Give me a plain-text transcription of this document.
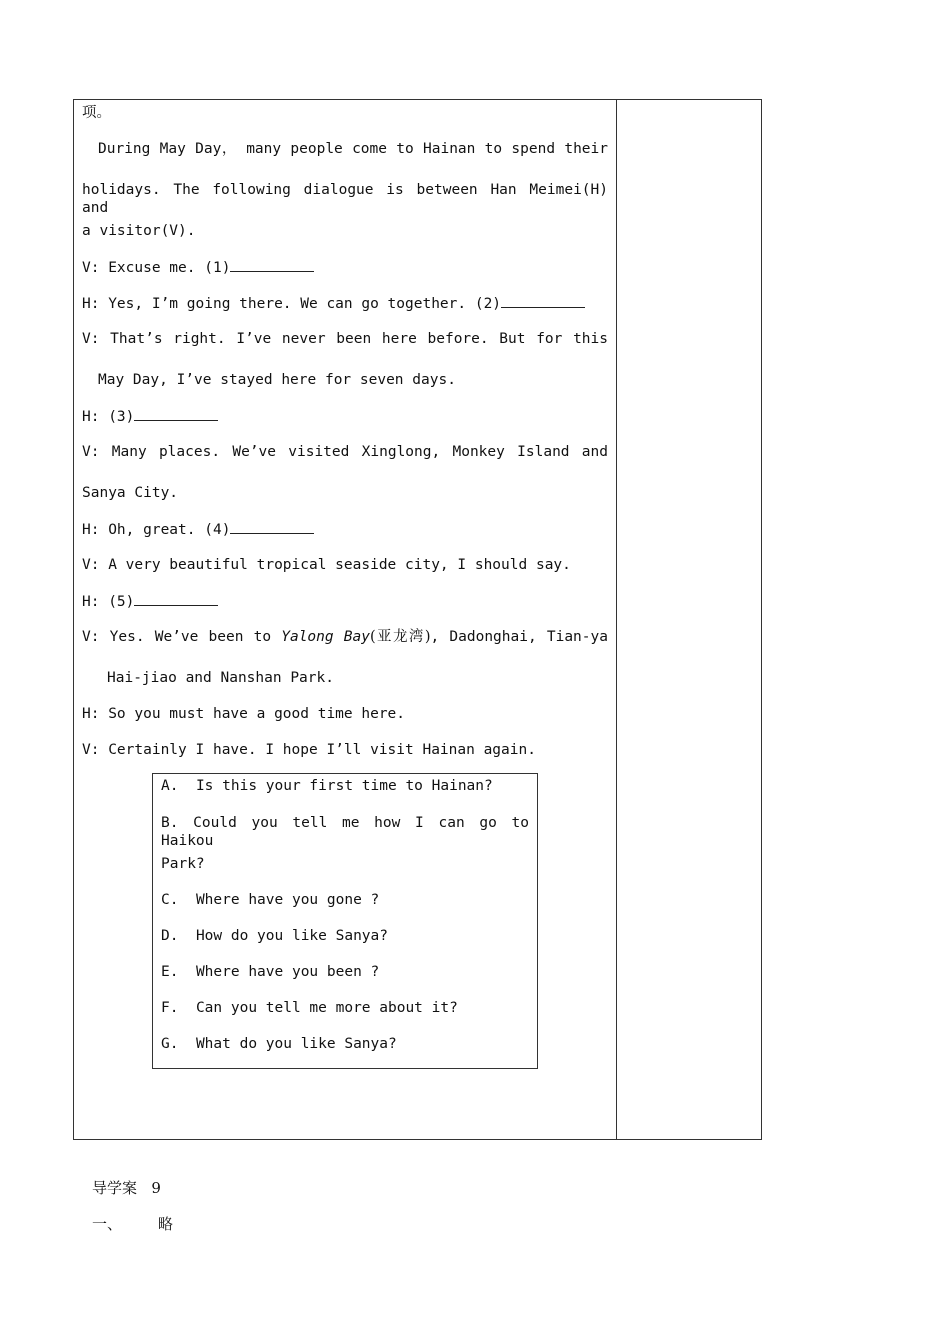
项。
During May Day， many people come to Hainan to spend their
holidays. The following dialogue is between Han Meimei(H) and
a visitor(V).
V: Excuse me. (1)
H: Yes, I’m going there. We can go together. (2)
V: That’s right. I’ve never been here before. But for this
May Day, I’ve stayed here for seven days.
H: (3)
V: Many places. We’ve visited Xinglong, Monkey Island and
Sanya City.
H: Oh, great. (4)
V: A very beautiful tropical seaside city, I should say.
H: (5)
V: Yes. We’ve been to Yalong Bay(亚龙湾), Dadonghai, Tian-ya
Hai-jiao and Nanshan Park.
H: So you must have a good time here.
V: Certainly I have. I hope I’ll visit Hainan again.
A. Is this your first time to Hainan?
B. Could you tell me how I can go to Haikou
Park?
C. Where have you gone ?
D. How do you like Sanya?
E. Where have you been ?
F. Can you tell me more about it?
G. What do you like Sanya?
导学案 9
一、 略
